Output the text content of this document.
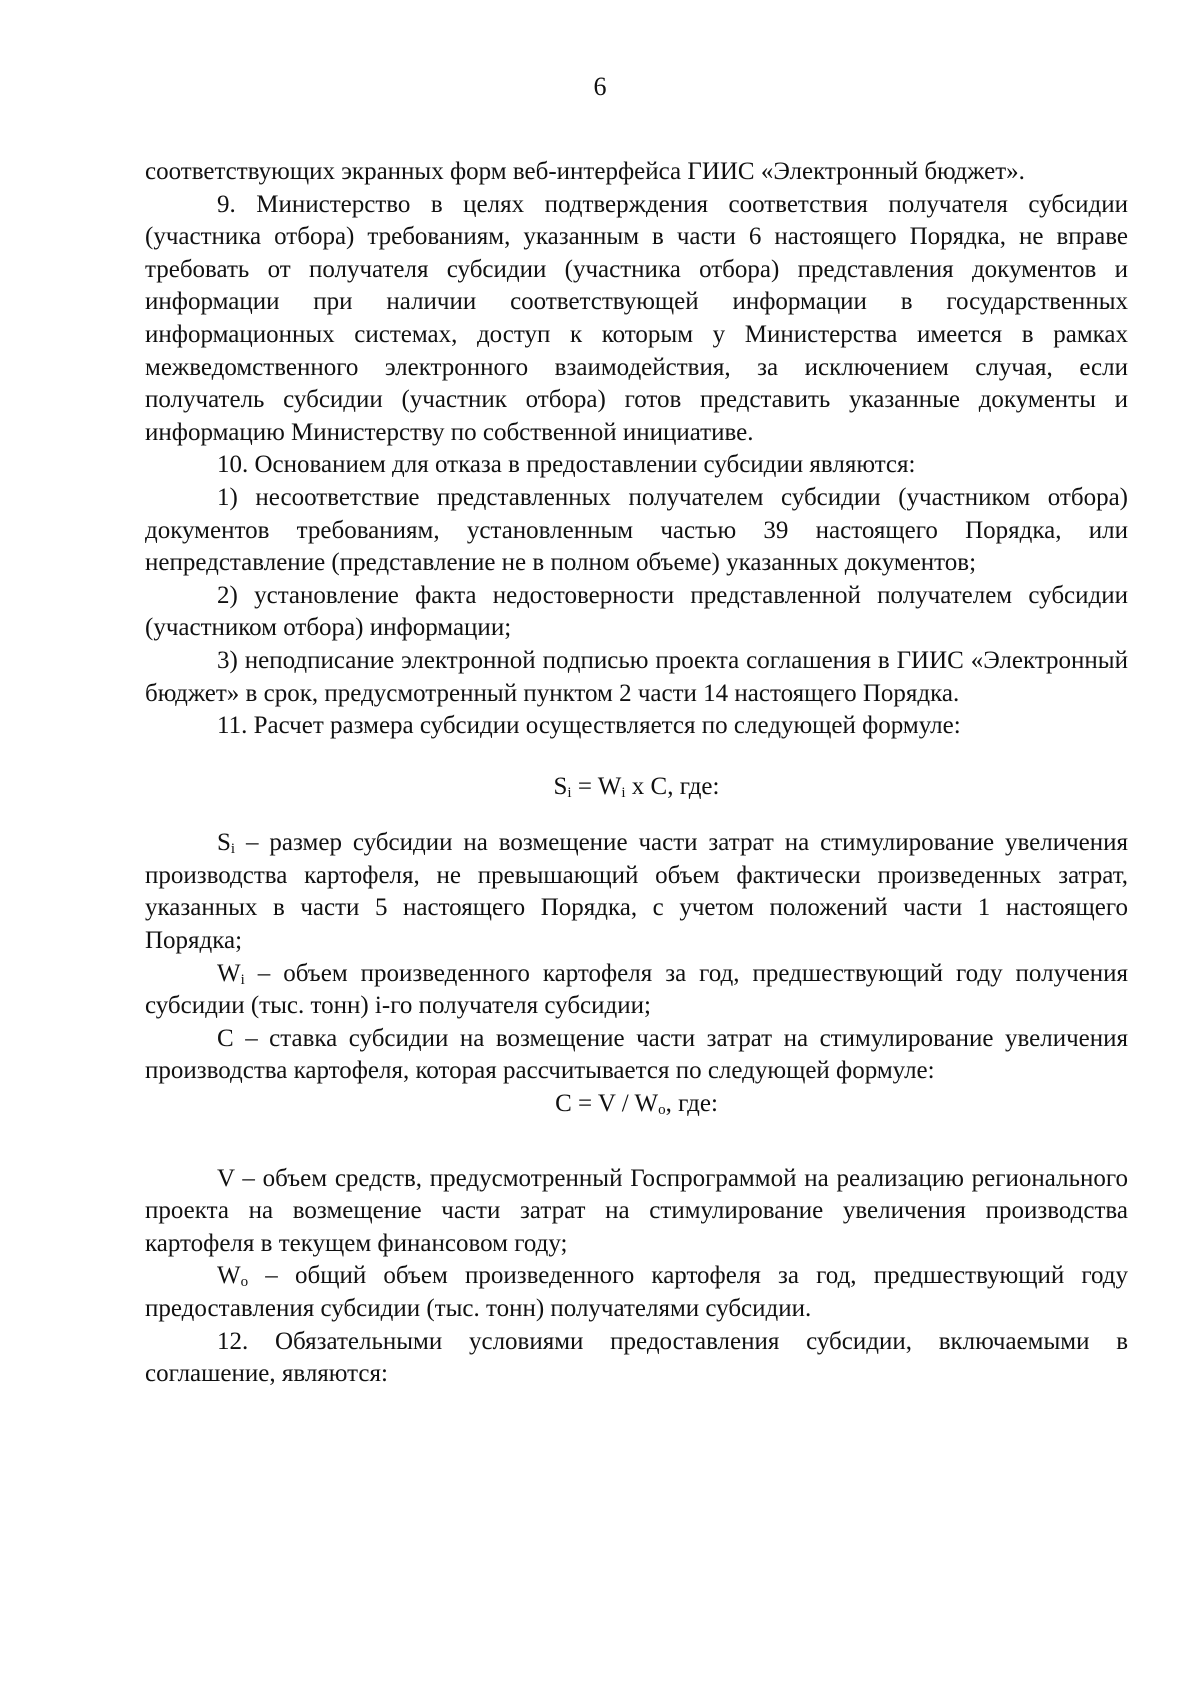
6

соответствующих экранных форм веб-интерфейса ГИИС «Электронный бюджет».

9. Министерство в целях подтверждения соответствия получателя субсидии (участника отбора) требованиям, указанным в части 6 настоящего Порядка, не вправе требовать от получателя субсидии (участника отбора) представления документов и информации при наличии соответствующей информации в государственных информационных системах, доступ к которым у Министерства имеется в рамках межведомственного электронного взаимодействия, за исключением случая, если получатель субсидии (участник отбора) готов представить указанные документы и информацию Министерству по собственной инициативе.

10. Основанием для отказа в предоставлении субсидии являются:

1) несоответствие представленных получателем субсидии (участником отбора) документов требованиям, установленным частью 39 настоящего Порядка, или непредставление (представление не в полном объеме) указанных документов;

2) установление факта недостоверности представленной получателем субсидии (участником отбора) информации;

3) неподписание электронной подписью проекта соглашения в ГИИС «Электронный бюджет» в срок, предусмотренный пунктом 2 части 14 настоящего Порядка.

11. Расчет размера субсидии осуществляется по следующей формуле:

$S_i = W_i$ x C, где:

$S_i$ – размер субсидии на возмещение части затрат на стимулирование увеличения производства картофеля, не превышающий объем фактически произведенных затрат, указанных в части 5 настоящего Порядка, с учетом положений части 1 настоящего Порядка;

$W_i$ – объем произведенного картофеля за год, предшествующий году получения субсидии (тыс. тонн) i-го получателя субсидии;

C – ставка субсидии на возмещение части затрат на стимулирование увеличения производства картофеля, которая рассчитывается по следующей формуле:

$C = V / W_o$, где:

V – объем средств, предусмотренный Госпрограммой на реализацию регионального проекта на возмещение части затрат на стимулирование увеличения производства картофеля в текущем финансовом году;

$W_o$ – общий объем произведенного картофеля за год, предшествующий году предоставления субсидии (тыс. тонн) получателями субсидии.

12. Обязательными условиями предоставления субсидии, включаемыми в соглашение, являются:
